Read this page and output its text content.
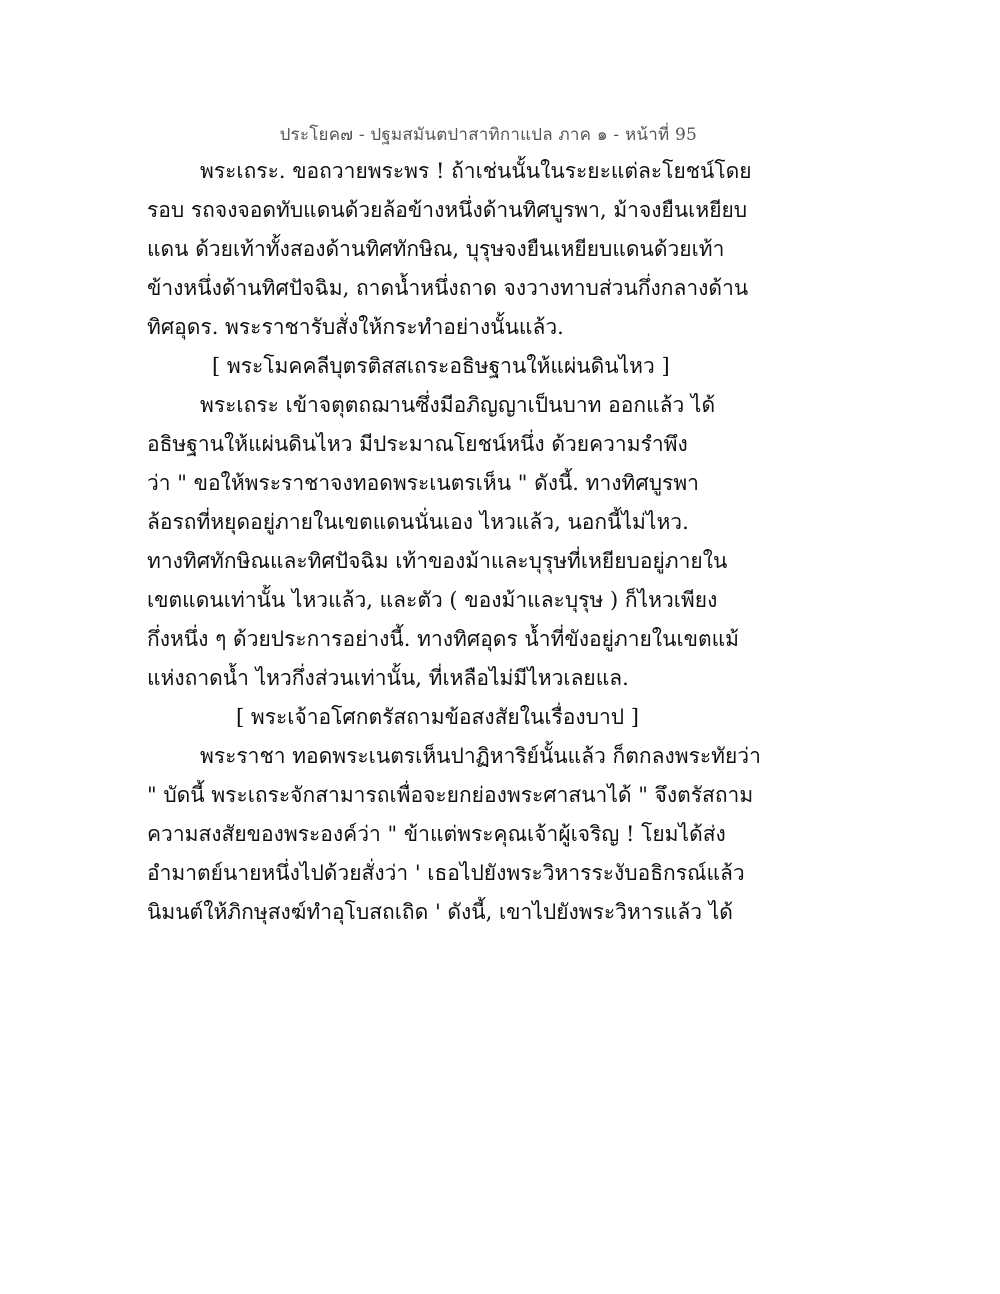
ประโยค๗ - ปฐมสมันตปาสาทิกาแปล ภาค ๑ - หน้าที่ 95
พระเถระ. ขอถวายพระพร ! ถ้าเช่นนั้นในระยะแต่ละโยชน์โดย
รอบ รถจงจอดทับแดนด้วยล้อข้างหนึ่งด้านทิศบูรพา, ม้าจงยืนเหยียบ
แดน ด้วยเท้าทั้งสองด้านทิศทักษิณ, บุรุษจงยืนเหยียบแดนด้วยเท้า
ข้างหนึ่งด้านทิศปัจฉิม, ถาดน้ำหนึ่งถาด จงวางทาบส่วนกึ่งกลางด้าน
ทิศอุดร. พระราชารับสั่งให้กระทำอย่างนั้นแล้ว.
[ พระโมคคลีบุตรติสสเถระอธิษฐานให้แผ่นดินไหว ]
พระเถระ เข้าจตุตถฌานซึ่งมีอภิญญาเป็นบาท ออกแล้ว ได้
อธิษฐานให้แผ่นดินไหว มีประมาณโยชน์หนึ่ง ด้วยความรำพึง
ว่า " ขอให้พระราชาจงทอดพระเนตรเห็น " ดังนี้. ทางทิศบูรพา
ล้อรถที่หยุดอยู่ภายในเขตแดนนั่นเอง ไหวแล้ว, นอกนี้ไม่ไหว.
ทางทิศทักษิณและทิศปัจฉิม เท้าของม้าและบุรุษที่เหยียบอยู่ภายใน
เขตแดนเท่านั้น ไหวแล้ว, และตัว ( ของม้าและบุรุษ ) ก็ไหวเพียง
กึ่งหนึ่ง ๆ ด้วยประการอย่างนี้. ทางทิศอุดร น้ำที่ขังอยู่ภายในเขตแม้
แห่งถาดน้ำ ไหวกึ่งส่วนเท่านั้น, ที่เหลือไม่มีไหวเลยแล.
[ พระเจ้าอโศกตรัสถามข้อสงสัยในเรื่องบาป ]
พระราชา ทอดพระเนตรเห็นปาฏิหาริย์นั้นแล้ว ก็ตกลงพระทัยว่า
" บัดนี้ พระเถระจักสามารถเพื่อจะยกย่องพระศาสนาได้ " จึงตรัสถาม
ความสงสัยของพระองค์ว่า " ข้าแต่พระคุณเจ้าผู้เจริญ ! โยมได้ส่ง
อำมาตย์นายหนึ่งไปด้วยสั่งว่า ' เธอไปยังพระวิหารระงับอธิกรณ์แล้ว
นิมนต์ให้ภิกษุสงฆ์ทำอุโบสถเถิด ' ดังนี้, เขาไปยังพระวิหารแล้ว ได้
